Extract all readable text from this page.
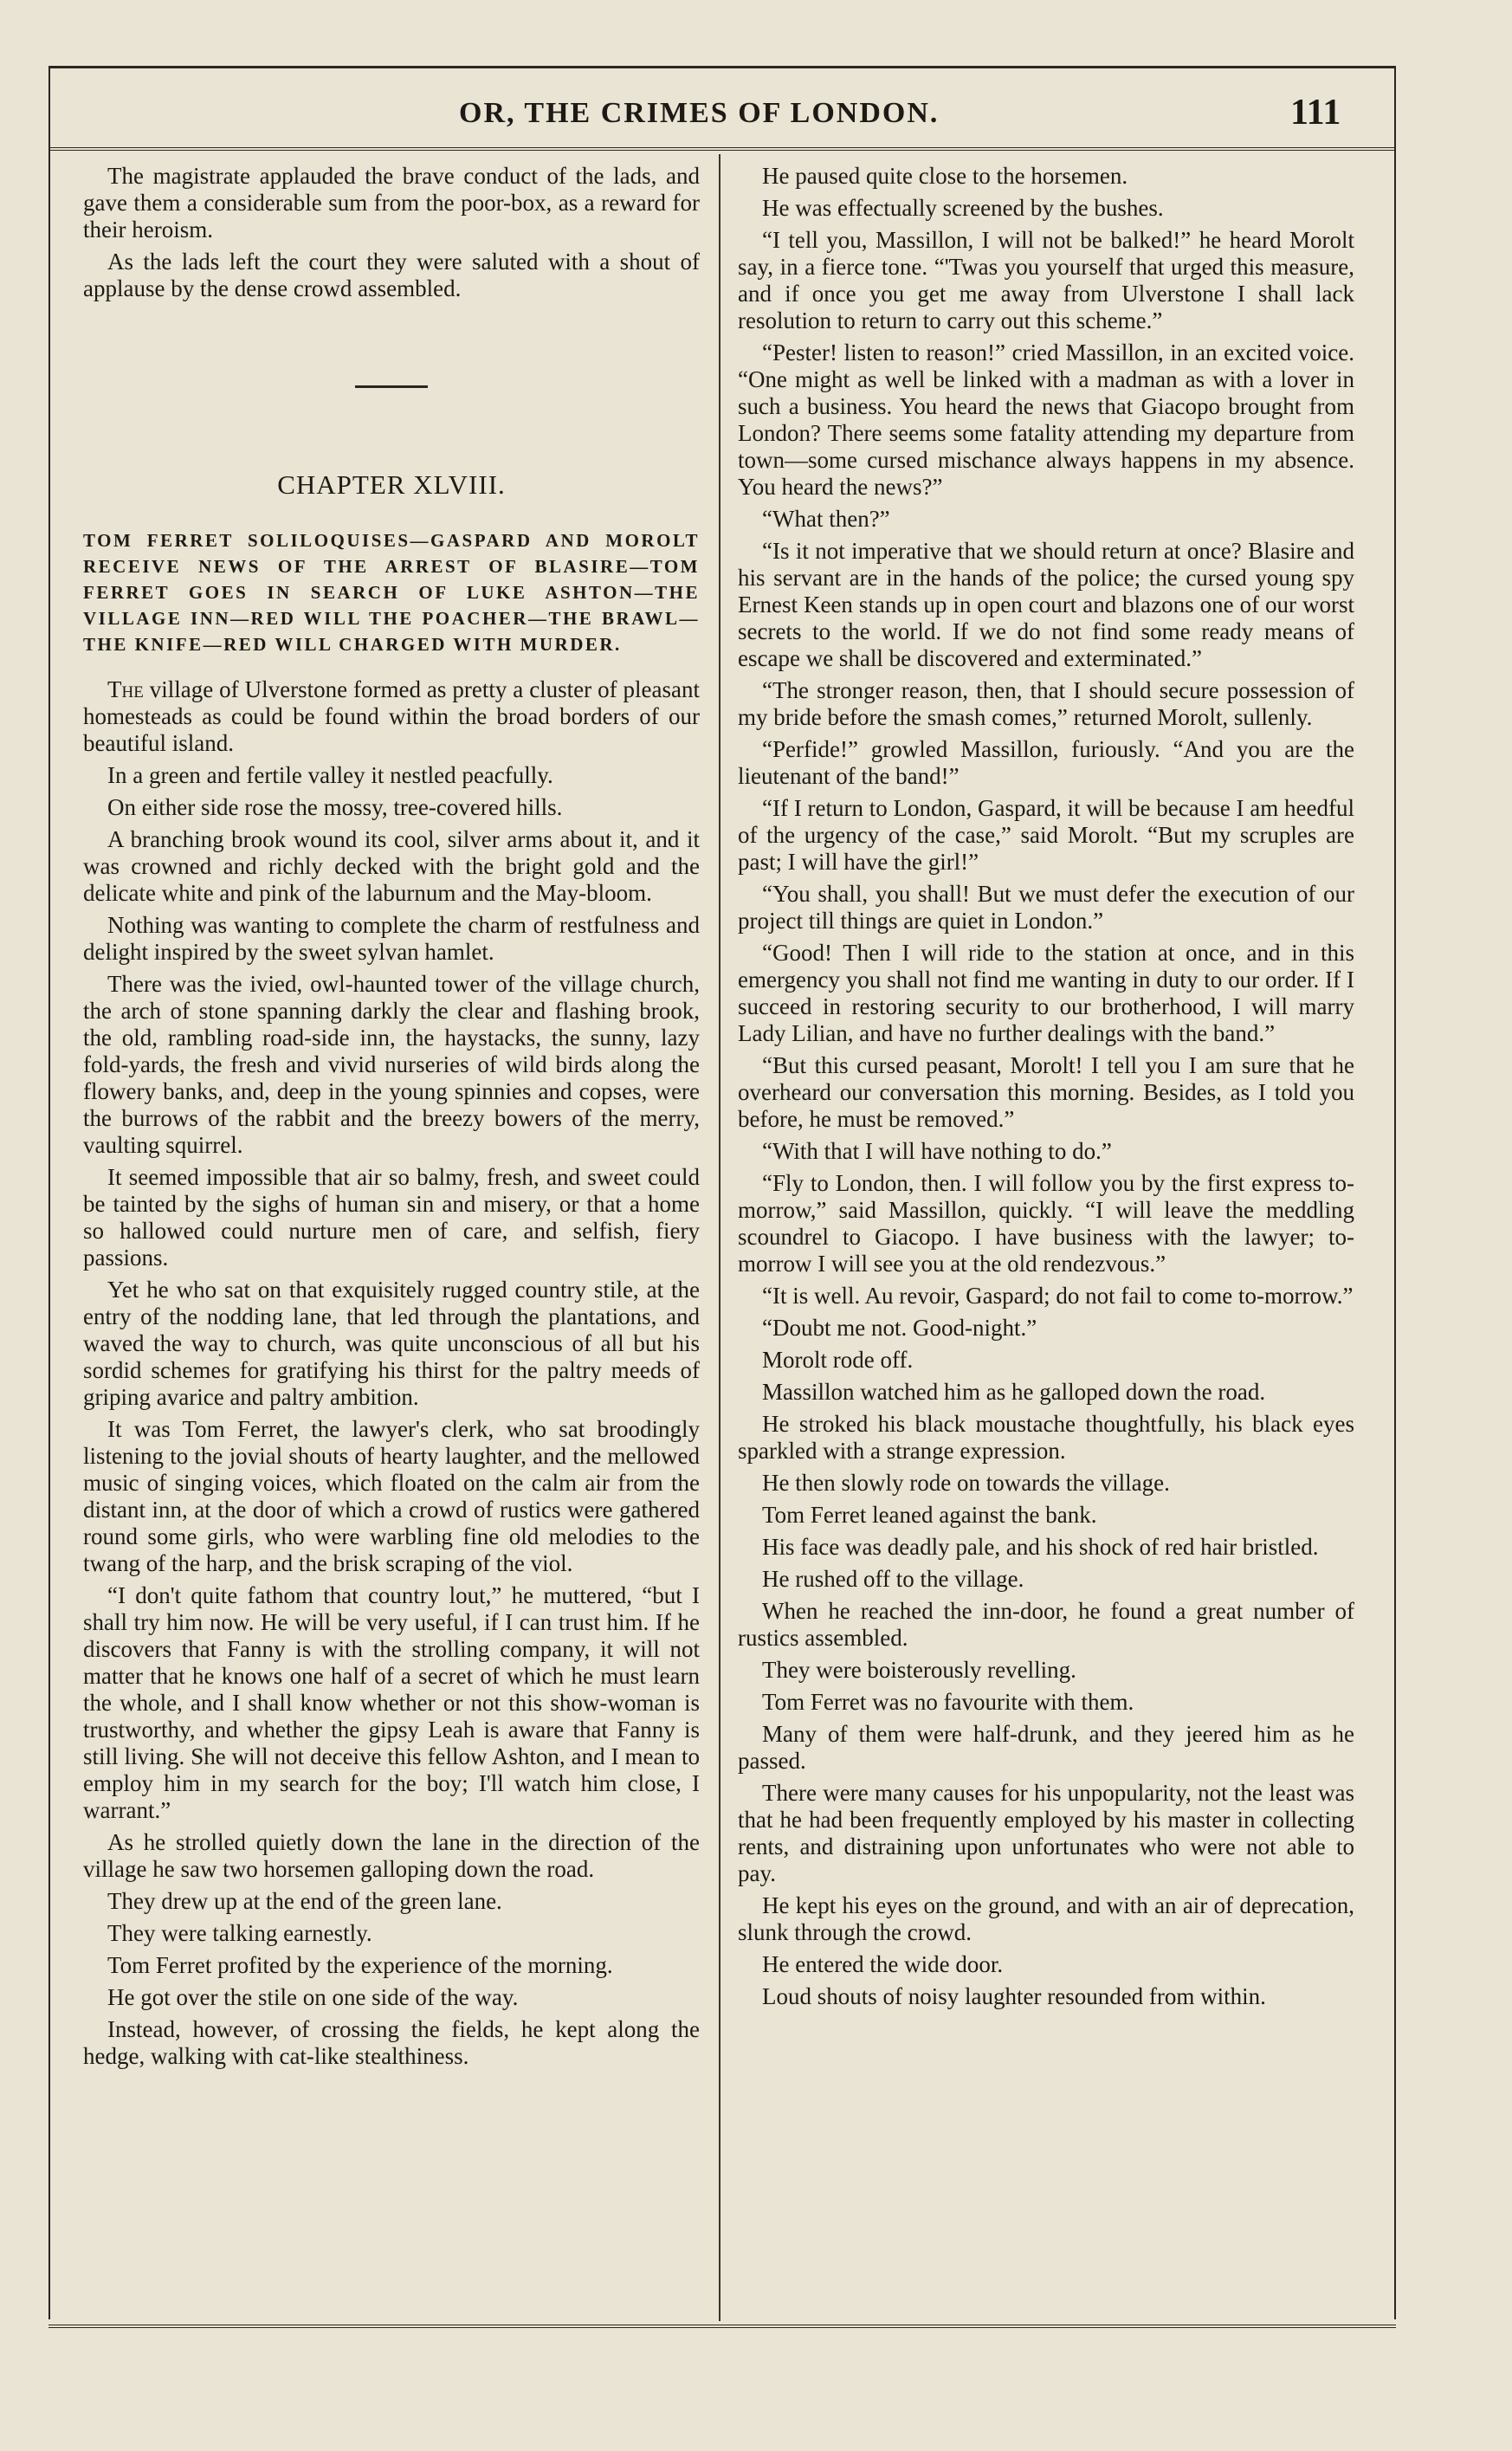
OR, THE CRIMES OF LONDON.	111

The magistrate applauded the brave conduct of the lads, and gave them a considerable sum from the poor-box, as a reward for their heroism.

As the lads left the court they were saluted with a shout of applause by the dense crowd assembled.

CHAPTER XLVIII.
TOM FERRET SOLILOQUISES—GASPARD AND MOROLT RECEIVE NEWS OF THE ARREST OF BLASIRE—TOM FERRET GOES IN SEARCH OF LUKE ASHTON—THE VILLAGE INN—RED WILL THE POACHER—THE BRAWL—THE KNIFE—RED WILL CHARGED WITH MURDER.

The village of Ulverstone formed as pretty a cluster of pleasant homesteads as could be found within the broad borders of our beautiful island.

In a green and fertile valley it nestled peacfully.

On either side rose the mossy, tree-covered hills.

A branching brook wound its cool, silver arms about it, and it was crowned and richly decked with the bright gold and the delicate white and pink of the laburnum and the May-bloom.

Nothing was wanting to complete the charm of restfulness and delight inspired by the sweet sylvan hamlet.

There was the ivied, owl-haunted tower of the village church, the arch of stone spanning darkly the clear and flashing brook, the old, rambling road-side inn, the haystacks, the sunny, lazy fold-yards, the fresh and vivid nurseries of wild birds along the flowery banks, and, deep in the young spinnies and copses, were the burrows of the rabbit and the breezy bowers of the merry, vaulting squirrel.

It seemed impossible that air so balmy, fresh, and sweet could be tainted by the sighs of human sin and misery, or that a home so hallowed could nurture men of care, and selfish, fiery passions.

Yet he who sat on that exquisitely rugged country stile, at the entry of the nodding lane, that led through the plantations, and waved the way to church, was quite unconscious of all but his sordid schemes for gratifying his thirst for the paltry meeds of griping avarice and paltry ambition.

It was Tom Ferret, the lawyer's clerk, who sat broodingly listening to the jovial shouts of hearty laughter, and the mellowed music of singing voices, which floated on the calm air from the distant inn, at the door of which a crowd of rustics were gathered round some girls, who were warbling fine old melodies to the twang of the harp, and the brisk scraping of the viol.

“I don't quite fathom that country lout,” he muttered, “but I shall try him now. He will be very useful, if I can trust him. If he discovers that Fanny is with the strolling company, it will not matter that he knows one half of a secret of which he must learn the whole, and I shall know whether or not this show-woman is trustworthy, and whether the gipsy Leah is aware that Fanny is still living. She will not deceive this fellow Ashton, and I mean to employ him in my search for the boy; I'll watch him close, I warrant.”

As he strolled quietly down the lane in the direction of the village he saw two horsemen galloping down the road.

They drew up at the end of the green lane.

They were talking earnestly.

Tom Ferret profited by the experience of the morning.

He got over the stile on one side of the way.

Instead, however, of crossing the fields, he kept along the hedge, walking with cat-like stealthiness.

He paused quite close to the horsemen.

He was effectually screened by the bushes.

“I tell you, Massillon, I will not be balked!” he heard Morolt say, in a fierce tone. “'Twas you yourself that urged this measure, and if once you get me away from Ulverstone I shall lack resolution to return to carry out this scheme.”

“Pester! listen to reason!” cried Massillon, in an excited voice. “One might as well be linked with a madman as with a lover in such a business. You heard the news that Giacopo brought from London? There seems some fatality attending my departure from town—some cursed mischance always happens in my absence. You heard the news?”

“What then?”

“Is it not imperative that we should return at once? Blasire and his servant are in the hands of the police; the cursed young spy Ernest Keen stands up in open court and blazons one of our worst secrets to the world. If we do not find some ready means of escape we shall be discovered and exterminated.”

“The stronger reason, then, that I should secure possession of my bride before the smash comes,” returned Morolt, sullenly.

“Perfide!” growled Massillon, furiously. “And you are the lieutenant of the band!”

“If I return to London, Gaspard, it will be because I am heedful of the urgency of the case,” said Morolt. “But my scruples are past; I will have the girl!”

“You shall, you shall! But we must defer the execution of our project till things are quiet in London.”

“Good! Then I will ride to the station at once, and in this emergency you shall not find me wanting in duty to our order. If I succeed in restoring security to our brotherhood, I will marry Lady Lilian, and have no further dealings with the band.”

“But this cursed peasant, Morolt! I tell you I am sure that he overheard our conversation this morning. Besides, as I told you before, he must be removed.”

“With that I will have nothing to do.”

“Fly to London, then. I will follow you by the first express to-morrow,” said Massillon, quickly. “I will leave the meddling scoundrel to Giacopo. I have business with the lawyer; to-morrow I will see you at the old rendezvous.”

“It is well. Au revoir, Gaspard; do not fail to come to-morrow.”

“Doubt me not. Good-night.”

Morolt rode off.

Massillon watched him as he galloped down the road.

He stroked his black moustache thoughtfully, his black eyes sparkled with a strange expression.

He then slowly rode on towards the village.

Tom Ferret leaned against the bank.

His face was deadly pale, and his shock of red hair bristled.

He rushed off to the village.

When he reached the inn-door, he found a great number of rustics assembled.

They were boisterously revelling.

Tom Ferret was no favourite with them.

Many of them were half-drunk, and they jeered him as he passed.

There were many causes for his unpopularity, not the least was that he had been frequently employed by his master in collecting rents, and distraining upon unfortunates who were not able to pay.

He kept his eyes on the ground, and with an air of deprecation, slunk through the crowd.

He entered the wide door.

Loud shouts of noisy laughter resounded from within.
